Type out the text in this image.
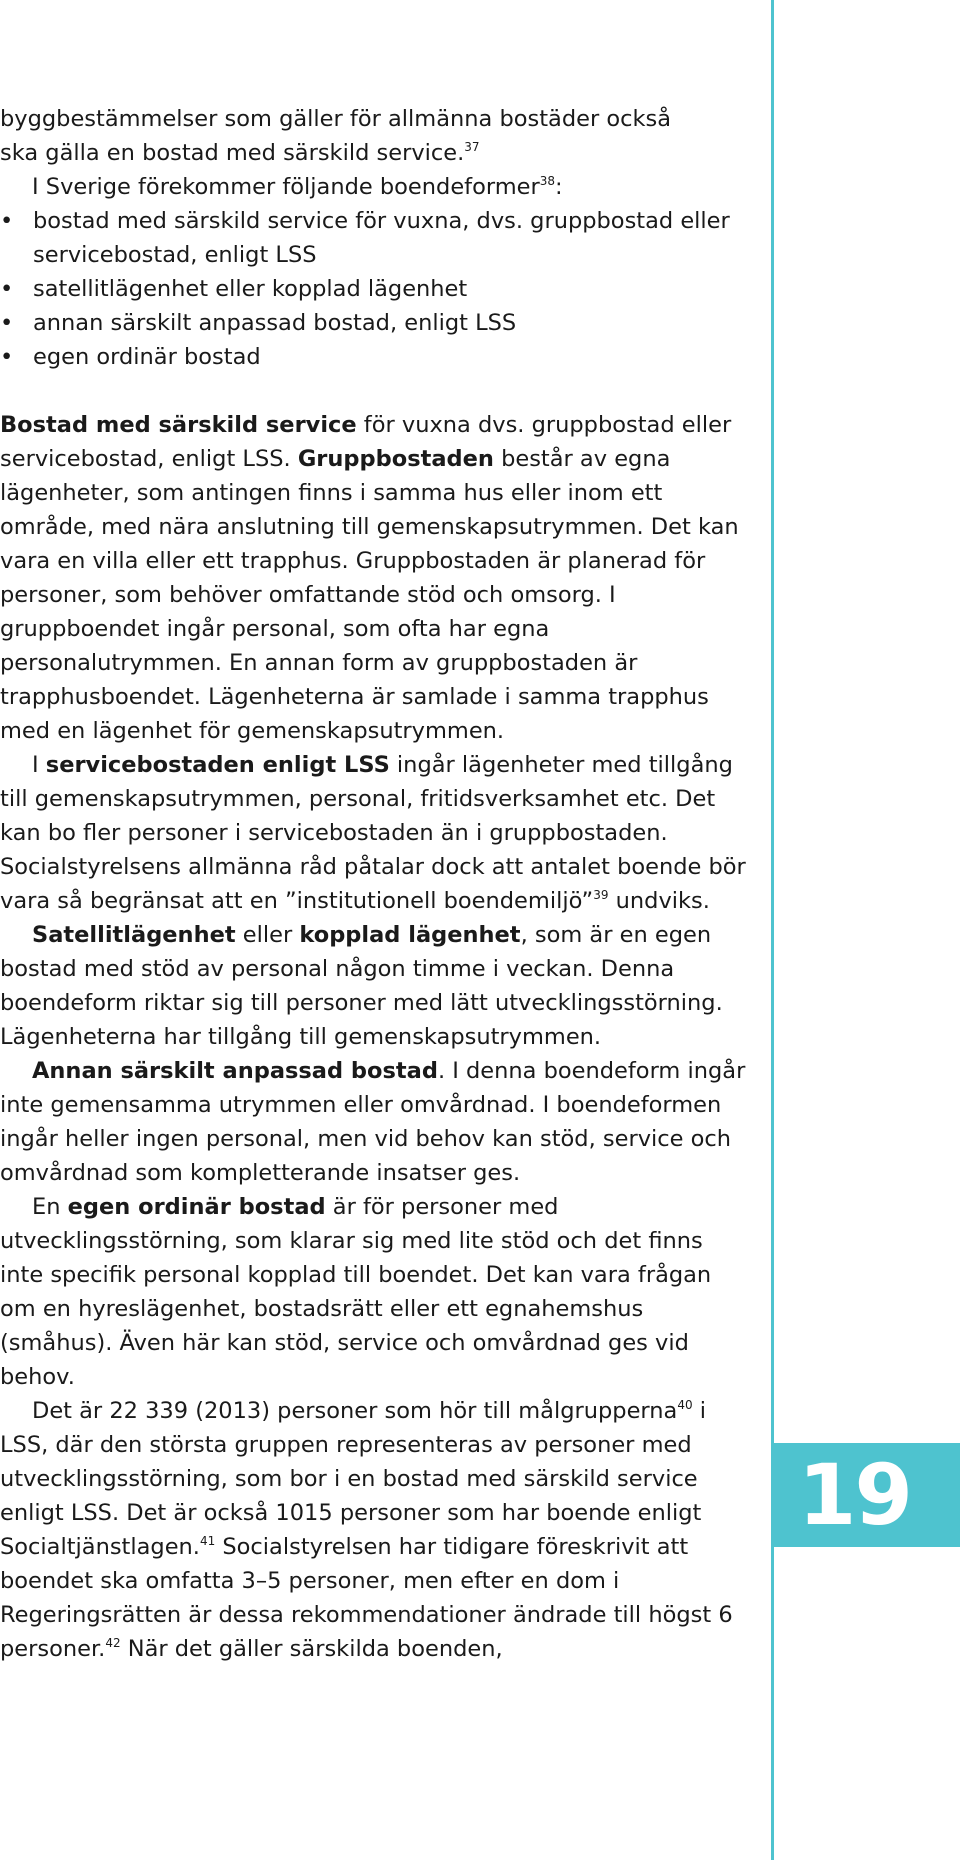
19

byggbestämmelser som gäller för allmänna bostäder också
ska gälla en bostad med särskild service.$^{37}$

I Sverige förekommer följande boendeformer$^{38}$:

• bostad med särskild service för vuxna, dvs. gruppbostad eller servicebostad, enligt LSS
• satellitlägenhet eller kopplad lägenhet
• annan särskilt anpassad bostad, enligt LSS
• egen ordinär bostad

Bostad med särskild service för vuxna dvs. gruppbostad eller servicebostad, enligt LSS. Gruppbostaden består av egna lägenheter, som antingen finns i samma hus eller inom ett område, med nära anslutning till gemenskapsutrymmen. Det kan vara en villa eller ett trapphus. Gruppbostaden är planerad för personer, som behöver omfattande stöd och omsorg. I gruppboendet ingår personal, som ofta har egna personalutrymmen. En annan form av gruppbostaden är trapphusboendet. Lägenheterna är samlade i samma trapphus med en lägenhet för gemenskapsutrymmen.

I servicebostaden enligt LSS ingår lägenheter med tillgång till gemenskapsutrymmen, personal, fritidsverksamhet etc. Det kan bo fler personer i servicebostaden än i gruppbostaden. Socialstyrelsens allmänna råd påtalar dock att antalet boende bör vara så begränsat att en ”institutionell boendemiljö”$^{39}$ undviks.

Satellitlägenhet eller kopplad lägenhet, som är en egen bostad med stöd av personal någon timme i veckan. Denna boendeform riktar sig till personer med lätt utvecklingsstörning. Lägenheterna har tillgång till gemenskapsutrymmen.

Annan särskilt anpassad bostad. I denna boendeform ingår inte gemensamma utrymmen eller omvårdnad. I boendeformen ingår heller ingen personal, men vid behov kan stöd, service och omvårdnad som kompletterande insatser ges.

En egen ordinär bostad är för personer med utvecklingsstörning, som klarar sig med lite stöd och det finns inte specifik personal kopplad till boendet. Det kan vara frågan om en hyreslägenhet, bostadsrätt eller ett egnahemshus (småhus). Även här kan stöd, service och omvårdnad ges vid behov.

Det är 22 339 (2013) personer som hör till målgrupperna$^{40}$ i LSS, där den största gruppen representeras av personer med utvecklingsstörning, som bor i en bostad med särskild service enligt LSS. Det är också 1015 personer som har boende enligt Socialtjänstlagen.$^{41}$ Socialstyrelsen har tidigare föreskrivit att boendet ska omfatta 3–5 personer, men efter en dom i Regeringsrätten är dessa rekommendationer ändrade till högst 6 personer.$^{42}$ När det gäller särskilda boenden,
